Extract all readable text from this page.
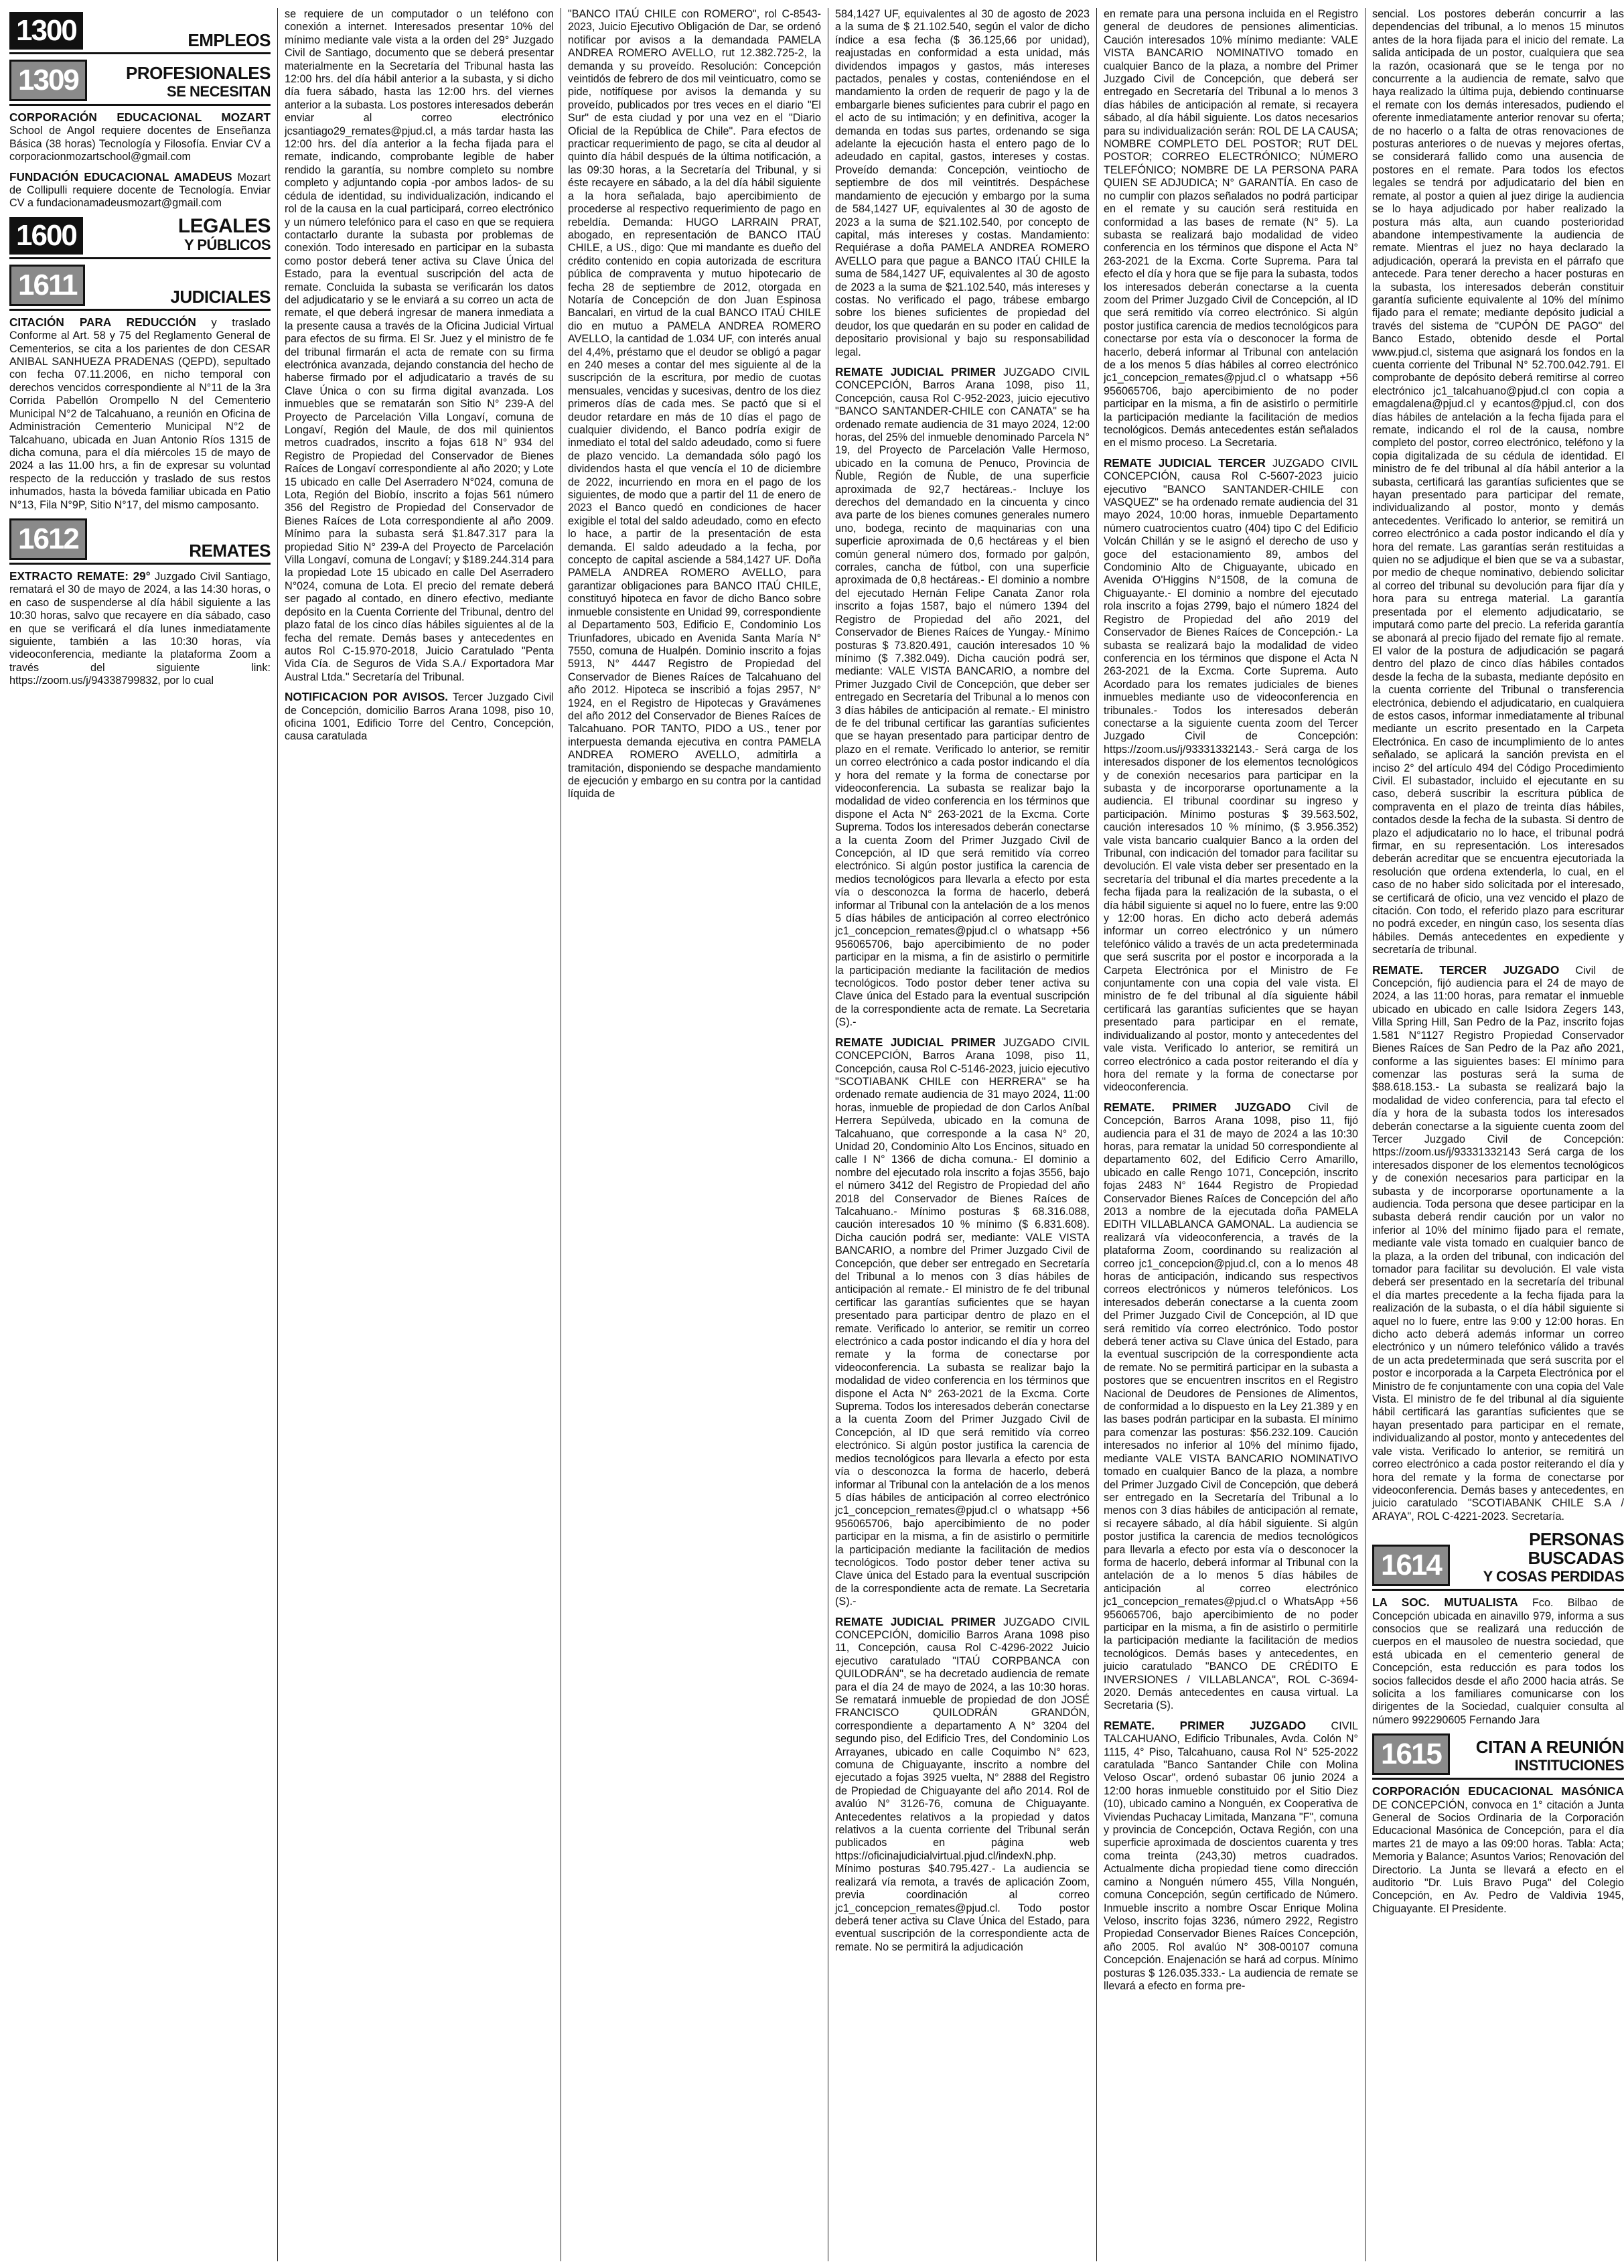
1300	EMPLEOS
1309	PROFESIONALES
SE NECESITAN

CORPORACIÓN EDUCACIONAL MOZART School de Angol requiere docentes de Enseñanza Básica (38 horas) Tecnología y Filosofía. Enviar CV a corporacionmozartschool@gmail.com

FUNDACIÓN EDUCACIONAL AMADEUS Mozart de Collipulli requiere docente de Tecnología. Enviar CV a fundacionamadeusmozart@gmail.com

1600	LEGALES
Y PÚBLICOS
1611	JUDICIALES

CITACIÓN PARA REDUCCIÓN y traslado Conforme al Art. 58 y 75 del Reglamento General de Cementerios, se cita a los parientes de don CESAR ANIBAL SANHUEZA PRADENAS (QEPD), sepultado con fecha 07.11.2006, en nicho temporal con derechos vencidos correspondiente al N°11 de la 3ra Corrida Pabellón Orompello N del Cementerio Municipal N°2 de Talcahuano, a reunión en Oficina de Administración Cementerio Municipal N°2 de Talcahuano, ubicada en Juan Antonio Ríos 1315 de dicha comuna, para el día miércoles 15 de mayo de 2024 a las 11.00 hrs, a fin de expresar su voluntad respecto de la reducción y traslado de sus restos inhumados, hasta la bóveda familiar ubicada en Patio N°13, Fila N°9P, Sitio N°17, del mismo camposanto.

1612	REMATES

EXTRACTO REMATE: 29° Juzgado Civil Santiago, rematará el 30 de mayo de 2024, a las 14:30 horas, o en caso de suspenderse al día hábil siguiente a las 10:30 horas, salvo que recayere en día sábado, caso en que se verificará el día lunes inmediatamente siguiente, también a las 10:30 horas, vía videoconferencia, mediante la plataforma Zoom a través del siguiente link: https://zoom.us/j/94338799832, por lo cual

se requiere de un computador o un teléfono con conexión a internet. Interesados presentar 10% del mínimo mediante vale vista a la orden del 29° Juzgado Civil de Santiago, documento que se deberá presentar materialmente en la Secretaría del Tribunal hasta las 12:00 hrs. del día hábil anterior a la subasta, y si dicho día fuera sábado, hasta las 12:00 hrs. del viernes anterior a la subasta. Los postores interesados deberán enviar al correo electrónico jcsantiago29_remates@pjud.cl, a más tardar hasta las 12:00 hrs. del día anterior a la fecha fijada para el remate, indicando, comprobante legible de haber rendido la garantía, su nombre completo su nombre completo y adjuntando copia -por ambos lados- de su cédula de identidad, su individualización, indicando el rol de la causa en la cual participará, correo electrónico y un número telefónico para el caso en que se requiera contactarlo durante la subasta por problemas de conexión. Todo interesado en participar en la subasta como postor deberá tener activa su Clave Única del Estado, para la eventual suscripción del acta de remate. Concluida la subasta se verificarán los datos del adjudicatario y se le enviará a su correo un acta de remate, el que deberá ingresar de manera inmediata a la presente causa a través de la Oficina Judicial Virtual para efectos de su firma. El Sr. Juez y el ministro de fe del tribunal firmarán el acta de remate con su firma electrónica avanzada, dejando constancia del hecho de haberse firmado por el adjudicatario a través de su Clave Única o con su firma digital avanzada. Los inmuebles que se rematarán son Sitio N° 239-A del Proyecto de Parcelación Villa Longaví, comuna de Longaví, Región del Maule, de dos mil quinientos metros cuadrados, inscrito a fojas 618 N° 934 del Registro de Propiedad del Conservador de Bienes Raíces de Longaví correspondiente al año 2020; y Lote 15 ubicado en calle Del Aserradero N°024, comuna de Lota, Región del Biobío, inscrito a fojas 561 número 356 del Registro de Propiedad del Conservador de Bienes Raíces de Lota correspondiente al año 2009. Mínimo para la subasta será $1.847.317 para la propiedad Sitio N° 239-A del Proyecto de Parcelación Villa Longaví, comuna de Longaví; y $189.244.314 para la propiedad Lote 15 ubicado en calle Del Aserradero N°024, comuna de Lota. El precio del remate deberá ser pagado al contado, en dinero efectivo, mediante depósito en la Cuenta Corriente del Tribunal, dentro del plazo fatal de los cinco días hábiles siguientes al de la fecha del remate. Demás bases y antecedentes en autos Rol C-15.970-2018, Juicio Caratulado "Penta Vida Cía. de Seguros de Vida S.A./ Exportadora Mar Austral Ltda." Secretaría del Tribunal.

NOTIFICACION POR AVISOS. Tercer Juzgado Civil de Concepción, domicilio Barros Arana 1098, piso 10, oficina 1001, Edificio Torre del Centro, Concepción, causa caratulada

"BANCO ITAÚ CHILE con ROMERO", rol C-8543-2023, Juicio Ejecutivo Obligación de Dar, se ordenó notificar por avisos a la demandada PAMELA ANDREA ROMERO AVELLO, rut 12.382.725-2, la demanda y su proveído. Resolución: Concepción veintidós de febrero de dos mil veinticuatro, como se pide, notifíquese por avisos la demanda y su proveído, publicados por tres veces en el diario "El Sur" de esta ciudad y por una vez en el "Diario Oficial de la República de Chile". Para efectos de practicar requerimiento de pago, se cita al deudor al quinto día hábil después de la última notificación, a las 09:30 horas, a la Secretaría del Tribunal, y si éste recayere en sábado, a la del día hábil siguiente a la hora señalada, bajo apercibimiento de procederse al respectivo requerimiento de pago en rebeldía. Demanda: HUGO LARRAIN PRAT, abogado, en representación de BANCO ITAÚ CHILE, a US., digo: Que mi mandante es dueño del crédito contenido en copia autorizada de escritura pública de compraventa y mutuo hipotecario de fecha 28 de septiembre de 2012, otorgada en Notaría de Concepción de don Juan Espinosa Bancalari, en virtud de la cual BANCO ITAÚ CHILE dio en mutuo a PAMELA ANDREA ROMERO AVELLO, la cantidad de 1.034 UF, con interés anual del 4,4%, préstamo que el deudor se obligó a pagar en 240 meses a contar del mes siguiente al de la suscripción de la escritura, por medio de cuotas mensuales, vencidas y sucesivas, dentro de los diez primeros días de cada mes. Se pactó que si el deudor retardare en más de 10 días el pago de cualquier dividendo, el Banco podría exigir de inmediato el total del saldo adeudado, como si fuere de plazo vencido. La demandada sólo pagó los dividendos hasta el que vencía el 10 de diciembre de 2022, incurriendo en mora en el pago de los siguientes, de modo que a partir del 11 de enero de 2023 el Banco quedó en condiciones de hacer exigible el total del saldo adeudado, como en efecto lo hace, a partir de la presentación de esta demanda. El saldo adeudado a la fecha, por concepto de capital asciende a 584,1427 UF. Doña PAMELA ANDREA ROMERO AVELLO, para garantizar obligaciones para BANCO ITAÚ CHILE, constituyó hipoteca en favor de dicho Banco sobre inmueble consistente en Unidad 99, correspondiente al Departamento 503, Edificio E, Condominio Los Triunfadores, ubicado en Avenida Santa María N° 7550, comuna de Hualpén. Dominio inscrito a fojas 5913, N° 4447 Registro de Propiedad del Conservador de Bienes Raíces de Talcahuano del año 2012. Hipoteca se inscribió a fojas 2957, N° 1924, en el Registro de Hipotecas y Gravámenes del año 2012 del Conservador de Bienes Raíces de Talcahuano. POR TANTO, PIDO a US., tener por interpuesta demanda ejecutiva en contra PAMELA ANDREA ROMERO AVELLO, admitirla a tramitación, disponiendo se despache mandamiento de ejecución y embargo en su contra por la cantidad líquida de

584,1427 UF, equivalentes al 30 de agosto de 2023 a la suma de $ 21.102.540, según el valor de dicho índice a esa fecha ($ 36.125,66 por unidad), reajustadas en conformidad a esta unidad, más dividendos impagos y gastos, más intereses pactados, penales y costas, conteniéndose en el mandamiento la orden de requerir de pago y la de embargarle bienes suficientes para cubrir el pago en el acto de su intimación; y en definitiva, acoger la demanda en todas sus partes, ordenando se siga adelante la ejecución hasta el entero pago de lo adeudado en capital, gastos, intereses y costas. Proveído demanda: Concepción, veintiocho de septiembre de dos mil veintitrés. Despáchese mandamiento de ejecución y embargo por la suma de 584,1427 UF, equivalentes al 30 de agosto de 2023 a la suma de $21.102.540, por concepto de capital, más intereses y costas. Mandamiento: Requiérase a doña PAMELA ANDREA ROMERO AVELLO para que pague a BANCO ITAÚ CHILE la suma de 584,1427 UF, equivalentes al 30 de agosto de 2023 a la suma de $21.102.540, más intereses y costas. No verificado el pago, trábese embargo sobre los bienes suficientes de propiedad del deudor, los que quedarán en su poder en calidad de depositario provisional y bajo su responsabilidad legal.

REMATE JUDICIAL PRIMER JUZGADO CIVIL CONCEPCIÓN, Barros Arana 1098, piso 11, Concepción, causa Rol C-952-2023, juicio ejecutivo "BANCO SANTANDER-CHILE con CANATA" se ha ordenado remate audiencia de 31 mayo 2024, 12:00 horas, del 25% del inmueble denominado Parcela N° 19, del Proyecto de Parcelación Valle Hermoso, ubicado en la comuna de Penuco, Provincia de Ñuble, Región de Ñuble, de una superficie aproximada de 92,7 hectáreas.- Incluye los derechos del demandado en la cincuenta y cinco ava parte de los bienes comunes generales numero uno, bodega, recinto de maquinarias con una superficie aproximada de 0,6 hectáreas y el bien común general número dos, formado por galpón, corrales, cancha de fútbol, con una superficie aproximada de 0,8 hectáreas.- El dominio a nombre del ejecutado Hernán Felipe Canata Zanor rola inscrito a fojas 1587, bajo el número 1394 del Registro de Propiedad del año 2021, del Conservador de Bienes Raíces de Yungay.- Mínimo posturas $ 73.820.491, caución interesados 10 % mínimo ($ 7.382.049). Dicha caución podrá ser, mediante: VALE VISTA BANCARIO, a nombre del Primer Juzgado Civil de Concepción, que deber ser entregado en Secretaría del Tribunal a lo menos con 3 días hábiles de anticipación al remate.- El ministro de fe del tribunal certificar las garantías suficientes que se hayan presentado para participar dentro de plazo en el remate. Verificado lo anterior, se remitir un correo electrónico a cada postor indicando el día y hora del remate y la forma de conectarse por videoconferencia. La subasta se realizar bajo la modalidad de video conferencia en los términos que dispone el Acta N° 263-2021 de la Excma. Corte Suprema. Todos los interesados deberán conectarse a la cuenta Zoom del Primer Juzgado Civil de Concepción, al ID que será remitido vía correo electrónico. Si algún postor justifica la carencia de medios tecnológicos para llevarla a efecto por esta vía o desconozca la forma de hacerlo, deberá informar al Tribunal con la antelación de a los menos 5 días hábiles de anticipación al correo electrónico jc1_concepcion_remates@pjud.cl o whatsapp +56 956065706, bajo apercibimiento de no poder participar en la misma, a fin de asistirlo o permitirle la participación mediante la facilitación de medios tecnológicos. Todo postor deber tener activa su Clave única del Estado para la eventual suscripción de la correspondiente acta de remate. La Secretaria (S).-

REMATE JUDICIAL PRIMER JUZGADO CIVIL CONCEPCIÓN, Barros Arana 1098, piso 11, Concepción, causa Rol C-5146-2023, juicio ejecutivo "SCOTIABANK CHILE con HERRERA" se ha ordenado remate audiencia de 31 mayo 2024, 11:00 horas, inmueble de propiedad de don Carlos Aníbal Herrera Sepúlveda, ubicado en la comuna de Talcahuano, que corresponde a la casa N° 20, Unidad 20, Condominio Alto Los Encinos, situado en calle I N° 1366 de dicha comuna.- El dominio a nombre del ejecutado rola inscrito a fojas 3556, bajo el número 3412 del Registro de Propiedad del año 2018 del Conservador de Bienes Raíces de Talcahuano.- Mínimo posturas $ 68.316.088, caución interesados 10 % mínimo ($ 6.831.608). Dicha caución podrá ser, mediante: VALE VISTA BANCARIO, a nombre del Primer Juzgado Civil de Concepción, que deber ser entregado en Secretaría del Tribunal a lo menos con 3 días hábiles de anticipación al remate.- El ministro de fe del tribunal certificar las garantías suficientes que se hayan presentado para participar dentro de plazo en el remate. Verificado lo anterior, se remitir un correo electrónico a cada postor indicando el día y hora del remate y la forma de conectarse por videoconferencia. La subasta se realizar bajo la modalidad de video conferencia en los términos que dispone el Acta N° 263-2021 de la Excma. Corte Suprema. Todos los interesados deberán conectarse a la cuenta Zoom del Primer Juzgado Civil de Concepción, al ID que será remitido vía correo electrónico. Si algún postor justifica la carencia de medios tecnológicos para llevarla a efecto por esta vía o desconozca la forma de hacerlo, deberá informar al Tribunal con la antelación de a los menos 5 días hábiles de anticipación al correo electrónico jc1_concepcion_remates@pjud.cl o whatsapp +56 956065706, bajo apercibimiento de no poder participar en la misma, a fin de asistirlo o permitirle la participación mediante la facilitación de medios tecnológicos. Todo postor deber tener activa su Clave única del Estado para la eventual suscripción de la correspondiente acta de remate. La Secretaria (S).-

REMATE JUDICIAL PRIMER JUZGADO CIVIL CONCEPCIÓN, domicilio Barros Arana 1098 piso 11, Concepción, causa Rol C-4296-2022 Juicio ejecutivo caratulado "ITAÚ CORPBANCA con QUILODRÁN", se ha decretado audiencia de remate para el día 24 de mayo de 2024, a las 10:30 horas. Se rematará inmueble de propiedad de don JOSÉ FRANCISCO QUILODRÁN GRANDÓN, correspondiente a departamento A N° 3204 del segundo piso, del Edificio Tres, del Condominio Los Arrayanes, ubicado en calle Coquimbo N° 623, comuna de Chiguayante, inscrito a nombre del ejecutado a fojas 3925 vuelta, N° 2888 del Registro de Propiedad de Chiguayante del año 2014. Rol de avalúo N° 3126-76, comuna de Chiguayante. Antecedentes relativos a la propiedad y datos relativos a la cuenta corriente del Tribunal serán publicados en página web https://oficinajudicialvirtual.pjud.cl/indexN.php. Mínimo posturas $40.795.427.- La audiencia se realizará vía remota, a través de aplicación Zoom, previa coordinación al correo jc1_concepcion_remates@pjud.cl. Todo postor deberá tener activa su Clave Única del Estado, para eventual suscripción de la correspondiente acta de remate. No se permitirá la adjudicación

en remate para una persona incluida en el Registro general de deudores de pensiones alimenticias. Caución interesados 10% mínimo mediante: VALE VISTA BANCARIO NOMINATIVO tomado en cualquier Banco de la plaza, a nombre del Primer Juzgado Civil de Concepción, que deberá ser entregado en Secretaría del Tribunal a lo menos 3 días hábiles de anticipación al remate, si recayera sábado, al día hábil siguiente. Los datos necesarios para su individualización serán: ROL DE LA CAUSA; NOMBRE COMPLETO DEL POSTOR; RUT DEL POSTOR; CORREO ELECTRÓNICO; NÚMERO TELEFÓNICO; NOMBRE DE LA PERSONA PARA QUIEN SE ADJUDICA; N° GARANTÍA. En caso de no cumplir con plazos señalados no podrá participar en el remate y su caución será restituida en conformidad a las bases de remate (N° 5). La subasta se realizará bajo modalidad de video conferencia en los términos que dispone el Acta N° 263-2021 de la Excma. Corte Suprema. Para tal efecto el día y hora que se fije para la subasta, todos los interesados deberán conectarse a la cuenta zoom del Primer Juzgado Civil de Concepción, al ID que será remitido vía correo electrónico. Si algún postor justifica carencia de medios tecnológicos para conectarse por esta vía o desconocer la forma de hacerlo, deberá informar al Tribunal con antelación de a los menos 5 días hábiles al correo electrónico jc1_concepcion_remates@pjud.cl o whatsapp +56 956065706, bajo apercibimiento de no poder participar en la misma, a fin de asistirlo o permitirle la participación mediante la facilitación de medios tecnológicos. Demás antecedentes están señalados en el mismo proceso. La Secretaria.

REMATE JUDICIAL TERCER JUZGADO CIVIL CONCEPCIÓN, causa Rol C-5607-2023 juicio ejecutivo "BANCO SANTANDER-CHILE con VASQUEZ" se ha ordenado remate audiencia del 31 mayo 2024, 10:00 horas, inmueble Departamento número cuatrocientos cuatro (404) tipo C del Edificio Volcán Chillán y se le asignó el derecho de uso y goce del estacionamiento 89, ambos del Condominio Alto de Chiguayante, ubicado en Avenida O'Higgins N°1508, de la comuna de Chiguayante.- El dominio a nombre del ejecutado rola inscrito a fojas 2799, bajo el número 1824 del Registro de Propiedad del año 2019 del Conservador de Bienes Raíces de Concepción.- La subasta se realizará bajo la modalidad de video conferencia en los términos que dispone el Acta N 263-2021 de la Excma. Corte Suprema. Auto Acordado para los remates judiciales de bienes inmuebles mediante uso de videoconferencia en tribunales.- Todos los interesados deberán conectarse a la siguiente cuenta zoom del Tercer Juzgado Civil de Concepción: https://zoom.us/j/93331332143.- Será carga de los interesados disponer de los elementos tecnológicos y de conexión necesarios para participar en la subasta y de incorporarse oportunamente a la audiencia. El tribunal coordinar su ingreso y participación. Mínimo posturas $ 39.563.502, caución interesados 10 % mínimo, ($ 3.956.352) vale vista bancario cualquier Banco a la orden del Tribunal, con indicación del tomador para facilitar su devolución. El vale vista deber ser presentado en la secretaría del tribunal el día martes precedente a la fecha fijada para la realización de la subasta, o el día hábil siguiente si aquel no lo fuere, entre las 9:00 y 12:00 horas. En dicho acto deberá además informar un correo electrónico y un número telefónico válido a través de un acta predeterminada que será suscrita por el postor e incorporada a la Carpeta Electrónica por el Ministro de Fe conjuntamente con una copia del vale vista. El ministro de fe del tribunal al día siguiente hábil certificará las garantías suficientes que se hayan presentado para participar en el remate, individualizando al postor, monto y antecedentes del vale vista. Verificado lo anterior, se remitirá un correo electrónico a cada postor reiterando el día y hora del remate y la forma de conectarse por videoconferencia.

REMATE. PRIMER JUZGADO Civil de Concepción, Barros Arana 1098, piso 11, fijó audiencia para el 31 de mayo de 2024 a las 10:30 horas, para rematar la unidad 50 correspondiente al departamento 602, del Edificio Cerro Amarillo, ubicado en calle Rengo 1071, Concepción, inscrito fojas 2483 N° 1644 Registro de Propiedad Conservador Bienes Raíces de Concepción del año 2013 a nombre de la ejecutada doña PAMELA EDITH VILLABLANCA GAMONAL. La audiencia se realizará vía videoconferencia, a través de la plataforma Zoom, coordinando su realización al correo jc1_concepcion@pjud.cl, con a lo menos 48 horas de anticipación, indicando sus respectivos correos electrónicos y números telefónicos. Los interesados deberán conectarse a la cuenta zoom del Primer Juzgado Civil de Concepción, al ID que será remitido vía correo electrónico. Todo postor deberá tener activa su Clave única del Estado, para la eventual suscripción de la correspondiente acta de remate. No se permitirá participar en la subasta a postores que se encuentren inscritos en el Registro Nacional de Deudores de Pensiones de Alimentos, de conformidad a lo dispuesto en la Ley 21.389 y en las bases podrán participar en la subasta. El mínimo para comenzar las posturas: $56.232.109. Caución interesados no inferior al 10% del mínimo fijado, mediante VALE VISTA BANCARIO NOMINATIVO tomado en cualquier Banco de la plaza, a nombre del Primer Juzgado Civil de Concepción, que deberá ser entregado en la Secretaría del Tribunal a lo menos con 3 días hábiles de anticipación al remate, si recayere sábado, al día hábil siguiente. Si algún postor justifica la carencia de medios tecnológicos para llevarla a efecto por esta vía o desconocer la forma de hacerlo, deberá informar al Tribunal con la antelación de a lo menos 5 días hábiles de anticipación al correo electrónico jc1_concepcion_remates@pjud.cl o WhatsApp +56 956065706, bajo apercibimiento de no poder participar en la misma, a fin de asistirlo o permitirle la participación mediante la facilitación de medios tecnológicos. Demás bases y antecedentes, en juicio caratulado "BANCO DE CRÉDITO E INVERSIONES / VILLABLANCA", ROL C-3694-2020. Demás antecedentes en causa virtual. La Secretaria (S).

REMATE. PRIMER JUZGADO CIVIL TALCAHUANO, Edificio Tribunales, Avda. Colón N° 1115, 4° Piso, Talcahuano, causa Rol N° 525-2022 caratulada "Banco Santander Chile con Molina Veloso Oscar", ordenó subastar 06 junio 2024 a 12:00 horas inmueble constituido por el Sitio Diez (10), ubicado camino a Nonguén, ex Cooperativa de Viviendas Puchacay Limitada, Manzana "F", comuna y provincia de Concepción, Octava Región, con una superficie aproximada de doscientos cuarenta y tres coma treinta (243,30) metros cuadrados. Actualmente dicha propiedad tiene como dirección camino a Nonguén número 455, Villa Nonguén, comuna Concepción, según certificado de Número. Inmueble inscrito a nombre Oscar Enrique Molina Veloso, inscrito fojas 3236, número 2922, Registro Propiedad Conservador Bienes Raíces Concepción, año 2005. Rol avalúo N° 308-00107 comuna Concepción. Enajenación se hará ad corpus. Mínimo posturas $ 126.035.333.- La audiencia de remate se llevará a efecto en forma pre-

sencial. Los postores deberán concurrir a las dependencias del tribunal, a lo menos 15 minutos antes de la hora fijada para el inicio del remate. La salida anticipada de un postor, cualquiera que sea la razón, ocasionará que se le tenga por no concurrente a la audiencia de remate, salvo que haya realizado la última puja, debiendo continuarse el remate con los demás interesados, pudiendo el oferente inmediatamente anterior renovar su oferta; de no hacerlo o a falta de otras renovaciones de posturas anteriores o de nuevas y mejores ofertas, se considerará fallido como una ausencia de postores en el remate. Para todos los efectos legales se tendrá por adjudicatario del bien en remate, al postor a quien al juez dirige la audiencia se lo haya adjudicado por haber realizado la postura más alta, aun cuando posterioridad abandone intempestivamente la audiencia de remate. Mientras el juez no haya declarado la adjudicación, operará la prevista en el párrafo que antecede. Para tener derecho a hacer posturas en la subasta, los interesados deberán constituir garantía suficiente equivalente al 10% del mínimo fijado para el remate; mediante depósito judicial a través del sistema de "CUPÓN DE PAGO" del Banco Estado, obtenido desde el Portal www.pjud.cl, sistema que asignará los fondos en la cuenta corriente del Tribunal N° 52.700.042.791. El comprobante de depósito deberá remitirse al correo electrónico jc1_talcahuano@pjud.cl con copia a emagdalena@pjud.cl y ecantos@pjud.cl, con dos días hábiles de antelación a la fecha fijada para el remate, indicando el rol de la causa, nombre completo del postor, correo electrónico, teléfono y la copia digitalizada de su cédula de identidad. El ministro de fe del tribunal al día hábil anterior a la subasta, certificará las garantías suficientes que se hayan presentado para participar del remate, individualizando al postor, monto y demás antecedentes. Verificado lo anterior, se remitirá un correo electrónico a cada postor indicando el día y hora del remate. Las garantías serán restituidas a quien no se adjudique el bien que se va a subastar, por medio de cheque nominativo, debiendo solicitar al correo del tribunal su devolución para fijar día y hora para su entrega material. La garantía presentada por el elemento adjudicatario, se imputará como parte del precio. La referida garantía se abonará al precio fijado del remate fijo al remate. El valor de la postura de adjudicación se pagará dentro del plazo de cinco días hábiles contados desde la fecha de la subasta, mediante depósito en la cuenta corriente del Tribunal o transferencia electrónica, debiendo el adjudicatario, en cualquiera de estos casos, informar inmediatamente al tribunal mediante un escrito presentado en la Carpeta Electrónica. En caso de incumplimiento de lo antes señalado, se aplicará la sanción prevista en el inciso 2° del artículo 494 del Código Procedimiento Civil. El subastador, incluido el ejecutante en su caso, deberá suscribir la escritura pública de compraventa en el plazo de treinta días hábiles, contados desde la fecha de la subasta. Si dentro de plazo el adjudicatario no lo hace, el tribunal podrá firmar, en su representación. Los interesados deberán acreditar que se encuentra ejecutoriada la resolución que ordena extenderla, lo cual, en el caso de no haber sido solicitada por el interesado, se certificará de oficio, una vez vencido el plazo de citación. Con todo, el referido plazo para escriturar no podrá exceder, en ningún caso, los sesenta días hábiles. Demás antecedentes en expediente y secretaría de tribunal.

REMATE. TERCER JUZGADO Civil de Concepción, fijó audiencia para el 24 de mayo de 2024, a las 11:00 horas, para rematar el inmueble ubicado en ubicado en calle Isidora Zegers 143, Villa Spring Hill, San Pedro de la Paz, inscrito fojas 1.581 N°1127 Registro Propiedad Conservador Bienes Raíces de San Pedro de la Paz año 2021, conforme a las siguientes bases: El mínimo para comenzar las posturas será la suma de $88.618.153.- La subasta se realizará bajo la modalidad de video conferencia, para tal efecto el día y hora de la subasta todos los interesados deberán conectarse a la siguiente cuenta zoom del Tercer Juzgado Civil de Concepción: https://zoom.us/j/93331332143 Será carga de los interesados disponer de los elementos tecnológicos y de conexión necesarios para participar en la subasta y de incorporarse oportunamente a la audiencia. Toda persona que desee participar en la subasta deberá rendir caución por un valor no inferior al 10% del mínimo fijado para el remate, mediante vale vista tomado en cualquier banco de la plaza, a la orden del tribunal, con indicación del tomador para facilitar su devolución. El vale vista deberá ser presentado en la secretaría del tribunal el día martes precedente a la fecha fijada para la realización de la subasta, o el día hábil siguiente si aquel no lo fuere, entre las 9:00 y 12:00 horas. En dicho acto deberá además informar un correo electrónico y un número telefónico válido a través de un acta predeterminada que será suscrita por el postor e incorporada a la Carpeta Electrónica por el Ministro de fe conjuntamente con una copia del Vale Vista. El ministro de fe del tribunal al día siguiente hábil certificará las garantías suficientes que se hayan presentado para participar en el remate, individualizando al postor, monto y antecedentes del vale vista. Verificado lo anterior, se remitirá un correo electrónico a cada postor reiterando el día y hora del remate y la forma de conectarse por videoconferencia. Demás bases y antecedentes, en juicio caratulado "SCOTIABANK CHILE S.A / ARAYA", ROL C-4221-2023. Secretaría.

1614
PERSONAS BUSCADAS
Y COSAS PERDIDAS

LA SOC. MUTUALISTA Fco. Bilbao de Concepción ubicada en ainavillo 979, informa a sus consocios que se realizará una reducción de cuerpos en el mausoleo de nuestra sociedad, que está ubicada en el cementerio general de Concepción, esta reducción es para todos los socios fallecidos desde el año 2000 hacia atrás. Se solicita a los familiares comunicarse con los dirigentes de la Sociedad, cualquier consulta al número 992290605 Fernando Jara

1615	CITAN A REUNIÓN
INSTITUCIONES

CORPORACIÓN EDUCACIONAL MASÓNICA DE CONCEPCIÓN, convoca en 1° citación a Junta General de Socios Ordinaria de la Corporación Educacional Masónica de Concepción, para el día martes 21 de mayo a las 09:00 horas. Tabla: Acta; Memoria y Balance; Asuntos Varios; Renovación del Directorio. La Junta se llevará a efecto en el auditorio "Dr. Luis Bravo Puga" del Colegio Concepción, en Av. Pedro de Valdivia 1945, Chiguayante. El Presidente.
